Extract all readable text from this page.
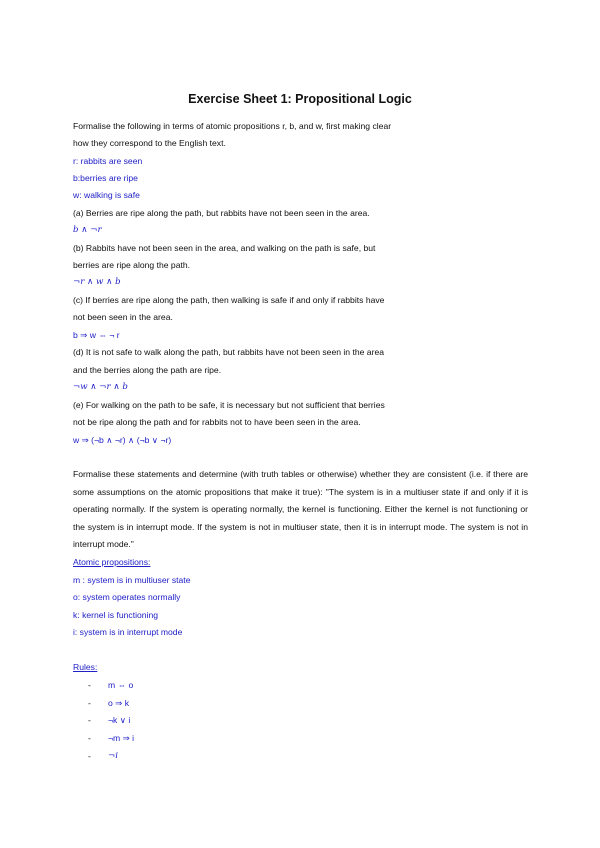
Exercise Sheet 1: Propositional Logic
Formalise the following in terms of atomic propositions r, b, and w, first making clear
how they correspond to the English text.
r: rabbits are seen
b:berries are ripe
w: walking is safe
(a) Berries are ripe along the path, but rabbits have not been seen in the area.
b ∧ ¬r
(b) Rabbits have not been seen in the area, and walking on the path is safe, but
berries are ripe along the path.
¬r ∧ w ∧ b
(c) If berries are ripe along the path, then walking is safe if and only if rabbits have
not been seen in the area.
b ⇒ w ⇔ ¬ r
(d) It is not safe to walk along the path, but rabbits have not been seen in the area
and the berries along the path are ripe.
¬w ∧ ¬r ∧ b
(e) For walking on the path to be safe, it is necessary but not sufficient that berries
not be ripe along the path and for rabbits not to have been seen in the area.
w ⇒ (¬b ∧ ¬r) ∧ (¬b ∨ ¬r)
Formalise these statements and determine (with truth tables or otherwise) whether they are consistent (i.e. if there are some assumptions on the atomic propositions that make it true): "The system is in a multiuser state if and only if it is operating normally. If the system is operating normally, the kernel is functioning. Either the kernel is not functioning or the system is in interrupt mode. If the system is not in multiuser state, then it is in interrupt mode. The system is not in interrupt mode."
Atomic propositions:
m : system is in multiuser state
o: system operates normally
k: kernel is functioning
i: system is in interrupt mode
Rules:
- m ⇔ o
- o ⇒ k
- ¬k ∨ i
- ¬m ⇒ i
- ¬i
